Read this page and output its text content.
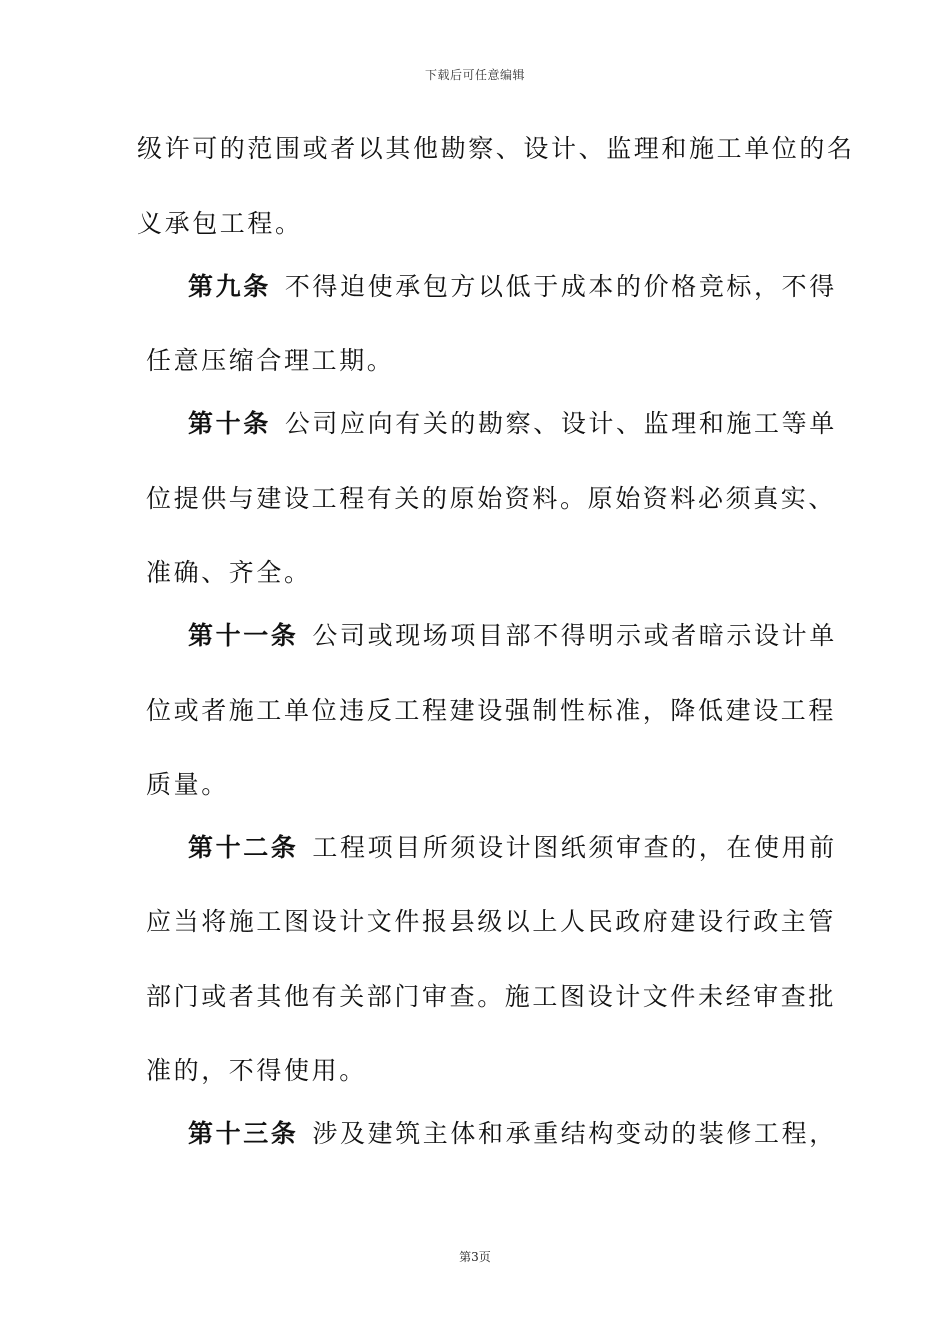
下载后可任意编辑
级许可的范围或者以其他勘察、设计、监理和施工单位的名
义承包工程。
第九条 不得迫使承包方以低于成本的价格竞标，不得
任意压缩合理工期。
第十条 公司应向有关的勘察、设计、监理和施工等单
位提供与建设工程有关的原始资料。原始资料必须真实、
准确、齐全。
第十一条 公司或现场项目部不得明示或者暗示设计单
位或者施工单位违反工程建设强制性标准，降低建设工程
质量。
第十二条 工程项目所须设计图纸须审查的，在使用前
应当将施工图设计文件报县级以上人民政府建设行政主管
部门或者其他有关部门审查。施工图设计文件未经审查批
准的，不得使用。
第十三条 涉及建筑主体和承重结构变动的装修工程，
第3页
